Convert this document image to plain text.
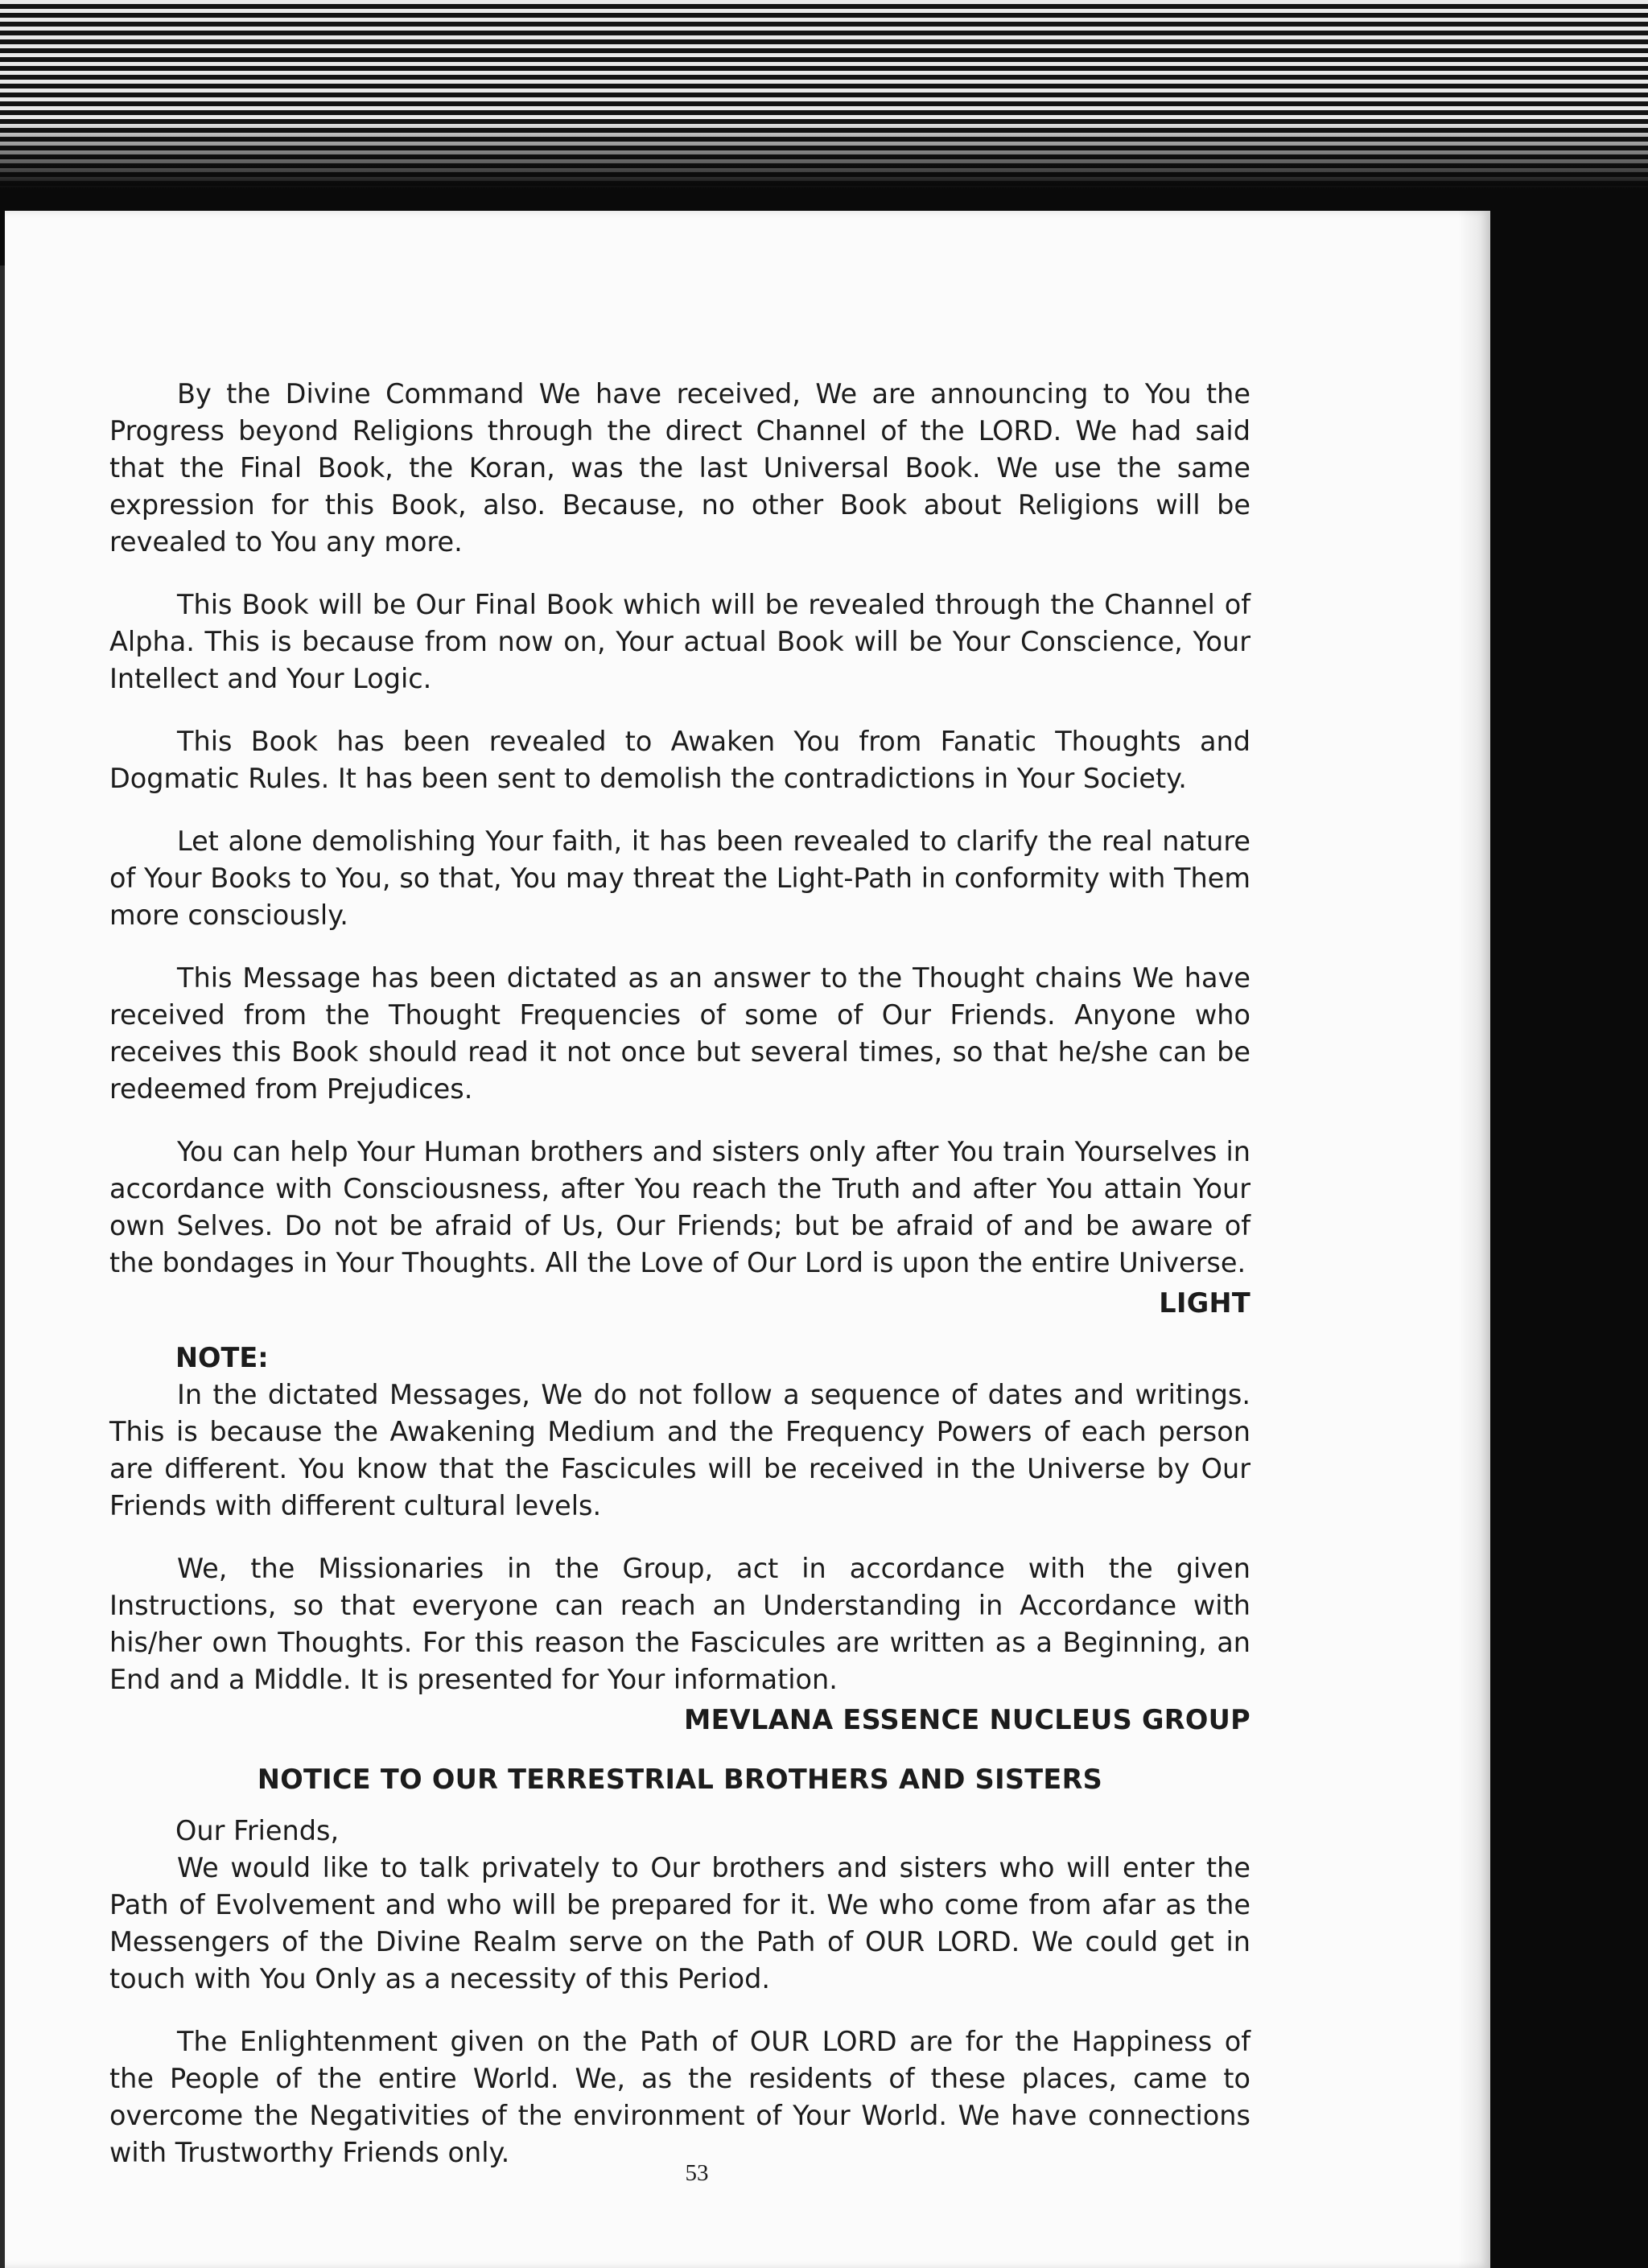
By the Divine Command We have received, We are announcing to You the Progress beyond Religions through the direct Channel of the LORD. We had said that the Final Book, the Koran, was the last Universal Book. We use the same expression for this Book, also. Because, no other Book about Religions will be revealed to You any more.

This Book will be Our Final Book which will be revealed through the Channel of Alpha. This is because from now on, Your actual Book will be Your Conscience, Your Intellect and Your Logic.

This Book has been revealed to Awaken You from Fanatic Thoughts and Dogmatic Rules. It has been sent to demolish the contradictions in Your Society.

Let alone demolishing Your faith, it has been revealed to clarify the real nature of Your Books to You, so that, You may threat the Light-Path in conformity with Them more consciously.

This Message has been dictated as an answer to the Thought chains We have received from the Thought Frequencies of some of Our Friends. Anyone who receives this Book should read it not once but several times, so that he/she can be redeemed from Prejudices.

You can help Your Human brothers and sisters only after You train Yourselves in accordance with Consciousness, after You reach the Truth and after You attain Your own Selves. Do not be afraid of Us, Our Friends; but be afraid of and be aware of the bondages in Your Thoughts. All the Love of Our Lord is upon the entire Universe.

LIGHT

NOTE:

In the dictated Messages, We do not follow a sequence of dates and writings. This is because the Awakening Medium and the Frequency Powers of each person are different. You know that the Fascicules will be received in the Universe by Our Friends with different cultural levels.

We, the Missionaries in the Group, act in accordance with the given Instructions, so that everyone can reach an Understanding in Accordance with his/her own Thoughts. For this reason the Fascicules are written as a Beginning, an End and a Middle. It is presented for Your information.

MEVLANA ESSENCE NUCLEUS GROUP

NOTICE TO OUR TERRESTRIAL BROTHERS AND SISTERS

Our Friends,

We would like to talk privately to Our brothers and sisters who will enter the Path of Evolvement and who will be prepared for it. We who come from afar as the Messengers of the Divine Realm serve on the Path of OUR LORD. We could get in touch with You Only as a necessity of this Period.

The Enlightenment given on the Path of OUR LORD are for the Happiness of the People of the entire World. We, as the residents of these places, came to overcome the Negativities of the environment of Your World. We have connections with Trustworthy Friends only.

53
